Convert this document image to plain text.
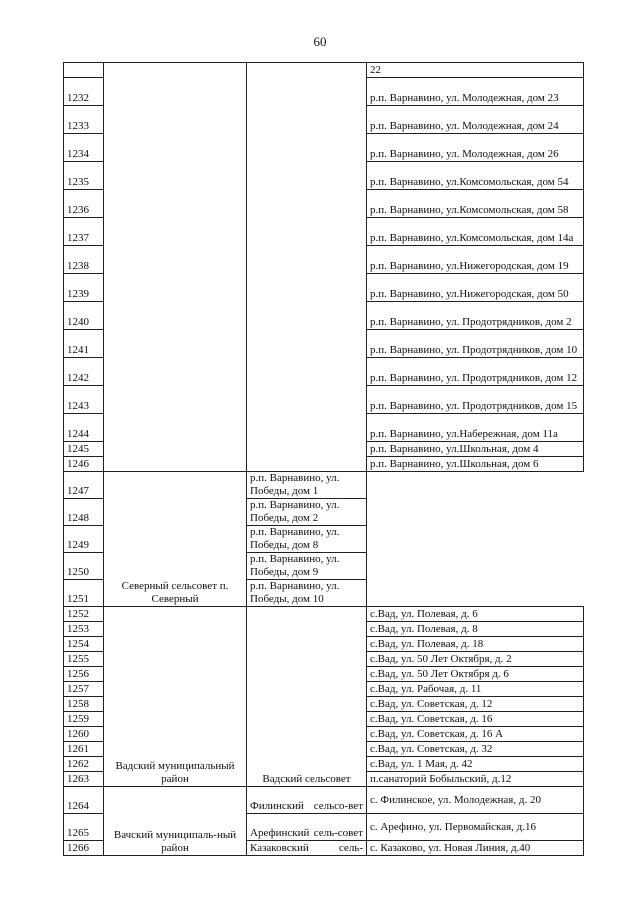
60
			22
1232			р.п. Варнавино, ул. Молодежная, дом 23
1233			р.п. Варнавино, ул. Молодежная, дом 24
1234			р.п. Варнавино, ул. Молодежная, дом 26
1235			р.п. Варнавино, ул.Комсомольская, дом 54
1236			р.п. Варнавино, ул.Комсомольская, дом 58
1237			р.п. Варнавино, ул.Комсомольская, дом 14а
1238			р.п. Варнавино, ул.Нижегородская, дом 19
1239			р.п. Варнавино, ул.Нижегородская, дом 50
1240			р.п. Варнавино, ул. Продотрядников, дом 2
1241			р.п. Варнавино, ул. Продотрядников, дом 10
1242			р.п. Варнавино, ул. Продотрядников, дом 12
1243			р.п. Варнавино, ул. Продотрядников, дом 15
1244			р.п. Варнавино, ул.Набережная, дом 11а
1245			р.п. Варнавино, ул.Школьная, дом 4
1246			р.п. Варнавино, ул.Школьная, дом 6
1247	Северный сельсовет п. Северный	р.п. Варнавино, ул. Победы, дом 1	
1248		р.п. Варнавино, ул. Победы, дом 2	
1249		р.п. Варнавино, ул. Победы, дом 8	
1250		р.п. Варнавино, ул. Победы, дом 9	
1251		р.п. Варнавино, ул. Победы, дом 10	
1252	Вадский муниципальный район	Вадский сельсовет	с.Вад, ул. Полевая, д. 6
1253			с.Вад, ул. Полевая, д. 8
1254			с.Вад, ул. Полевая, д. 18
1255			с.Вад, ул. 50 Лет Октября, д. 2
1256			с.Вад, ул. 50 Лет Октября д. 6
1257			с.Вад, ул. Рабочая, д. 11
1258			с.Вад, ул. Советская, д. 12
1259			с.Вад, ул. Советская, д. 16
1260			с.Вад, ул. Советская, д. 16 А
1261			с.Вад, ул. Советская, д. 32
1262			с.Вад, ул. 1 Мая, д. 42
1263			п.санаторий Бобыльский, д.12
1264	Вачский муниципаль-ный район	Филинский сельсо-вет	с. Филинское, ул. Молодежная, д. 20
1265		Арефинский сель-совет	с. Арефино, ул. Первомайская, д.16
1266		Казаковский сель-	с. Казаково, ул. Новая Линия, д.40
